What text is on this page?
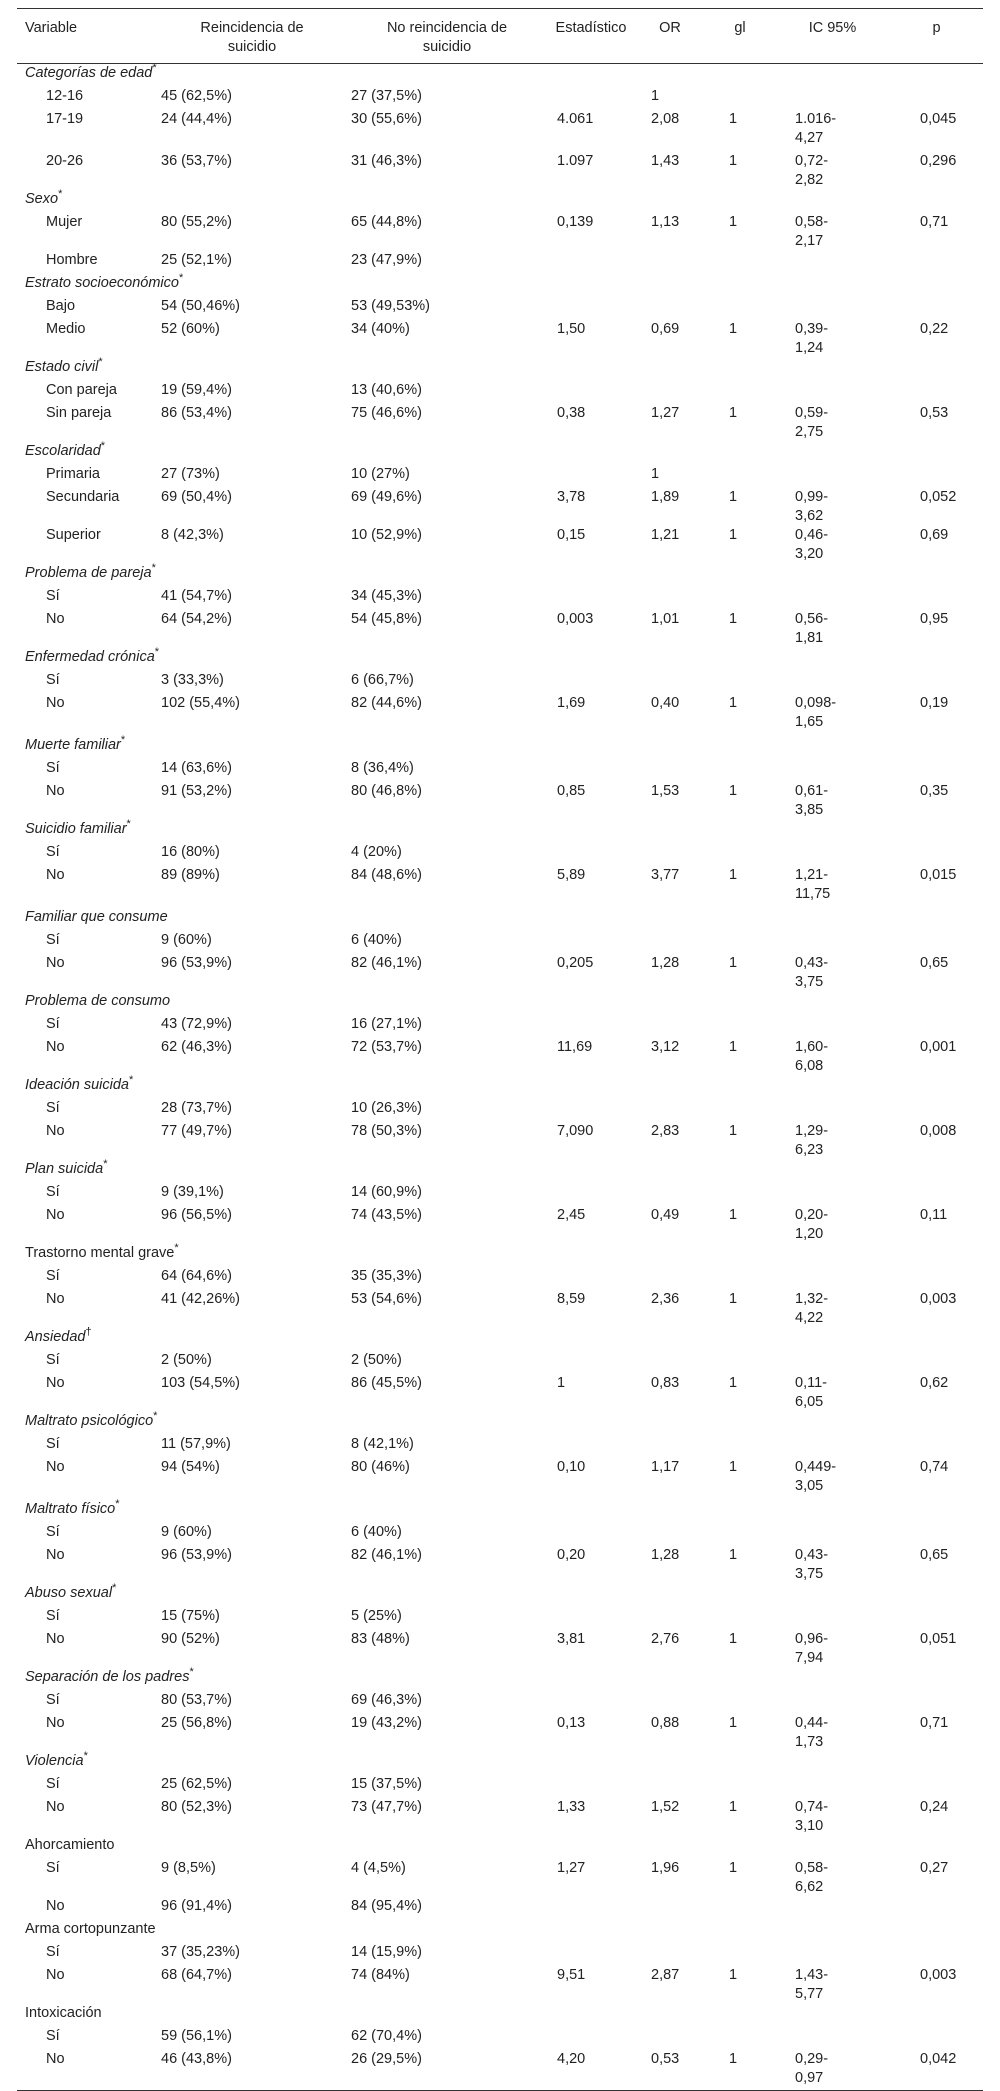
Variable	Reincidencia de suicidio	No reincidencia de suicidio	Estadístico	OR	gl	IC 95%	p
Categorías de edad*
12-16	45 (62,5%)	27 (37,5%)		1			
17-19	24 (44,4%)	30 (55,6%)	4.061	2,08	1	1.016-4,27	0,045
20-26	36 (53,7%)	31 (46,3%)	1.097	1,43	1	0,72-2,82	0,296
Sexo*
Mujer	80 (55,2%)	65 (44,8%)	0,139	1,13	1	0,58-2,17	0,71
Hombre	25 (52,1%)	23 (47,9%)					
Estrato socioeconómico*
Bajo	54 (50,46%)	53 (49,53%)					
Medio	52 (60%)	34 (40%)	1,50	0,69	1	0,39-1,24	0,22
Estado civil*
Con pareja	19 (59,4%)	13 (40,6%)					
Sin pareja	86 (53,4%)	75 (46,6%)	0,38	1,27	1	0,59-2,75	0,53
Escolaridad*
Primaria	27 (73%)	10 (27%)		1			
Secundaria	69 (50,4%)	69 (49,6%)	3,78	1,89	1	0,99-3,62	0,052
Superior	8 (42,3%)	10 (52,9%)	0,15	1,21	1	0,46-3,20	0,69
Problema de pareja*
Sí	41 (54,7%)	34 (45,3%)					
No	64 (54,2%)	54 (45,8%)	0,003	1,01	1	0,56-1,81	0,95
Enfermedad crónica*
Sí	3 (33,3%)	6 (66,7%)					
No	102 (55,4%)	82 (44,6%)	1,69	0,40	1	0,098-1,65	0,19
Muerte familiar*
Sí	14 (63,6%)	8 (36,4%)					
No	91 (53,2%)	80 (46,8%)	0,85	1,53	1	0,61-3,85	0,35
Suicidio familiar*
Sí	16 (80%)	4 (20%)					
No	89 (89%)	84 (48,6%)	5,89	3,77	1	1,21-11,75	0,015
Familiar que consume							
Sí	9 (60%)	6 (40%)					
No	96 (53,9%)	82 (46,1%)	0,205	1,28	1	0,43-3,75	0,65
Problema de consumo							
Sí	43 (72,9%)	16 (27,1%)					
No	62 (46,3%)	72 (53,7%)	11,69	3,12	1	1,60-6,08	0,001
Ideación suicida*
Sí	28 (73,7%)	10 (26,3%)					
No	77 (49,7%)	78 (50,3%)	7,090	2,83	1	1,29-6,23	0,008
Plan suicida*
Sí	9 (39,1%)	14 (60,9%)					
No	96 (56,5%)	74 (43,5%)	2,45	0,49	1	0,20-1,20	0,11
Trastorno mental grave*
Sí	64 (64,6%)	35 (35,3%)					
No	41 (42,26%)	53 (54,6%)	8,59	2,36	1	1,32-4,22	0,003
Ansiedad†
Sí	2 (50%)	2 (50%)					
No	103 (54,5%)	86 (45,5%)	1	0,83	1	0,11-6,05	0,62
Maltrato psicológico*
Sí	11 (57,9%)	8 (42,1%)					
No	94 (54%)	80 (46%)	0,10	1,17	1	0,449-3,05	0,74
Maltrato físico*
Sí	9 (60%)	6 (40%)					
No	96 (53,9%)	82 (46,1%)	0,20	1,28	1	0,43-3,75	0,65
Abuso sexual*
Sí	15 (75%)	5 (25%)					
No	90 (52%)	83 (48%)	3,81	2,76	1	0,96-7,94	0,051
Separación de los padres*
Sí	80 (53,7%)	69 (46,3%)					
No	25 (56,8%)	19 (43,2%)	0,13	0,88	1	0,44-1,73	0,71
Violencia*
Sí	25 (62,5%)	15 (37,5%)					
No	80 (52,3%)	73 (47,7%)	1,33	1,52	1	0,74-3,10	0,24
Ahorcamiento							
Sí	9 (8,5%)	4 (4,5%)	1,27	1,96	1	0,58-6,62	0,27
No	96 (91,4%)	84 (95,4%)					
Arma cortopunzante							
Sí	37 (35,23%)	14 (15,9%)					
No	68 (64,7%)	74 (84%)	9,51	2,87	1	1,43-5,77	0,003
Intoxicación							
Sí	59 (56,1%)	62 (70,4%)					
No	46 (43,8%)	26 (29,5%)	4,20	0,53	1	0,29-0,97	0,042
